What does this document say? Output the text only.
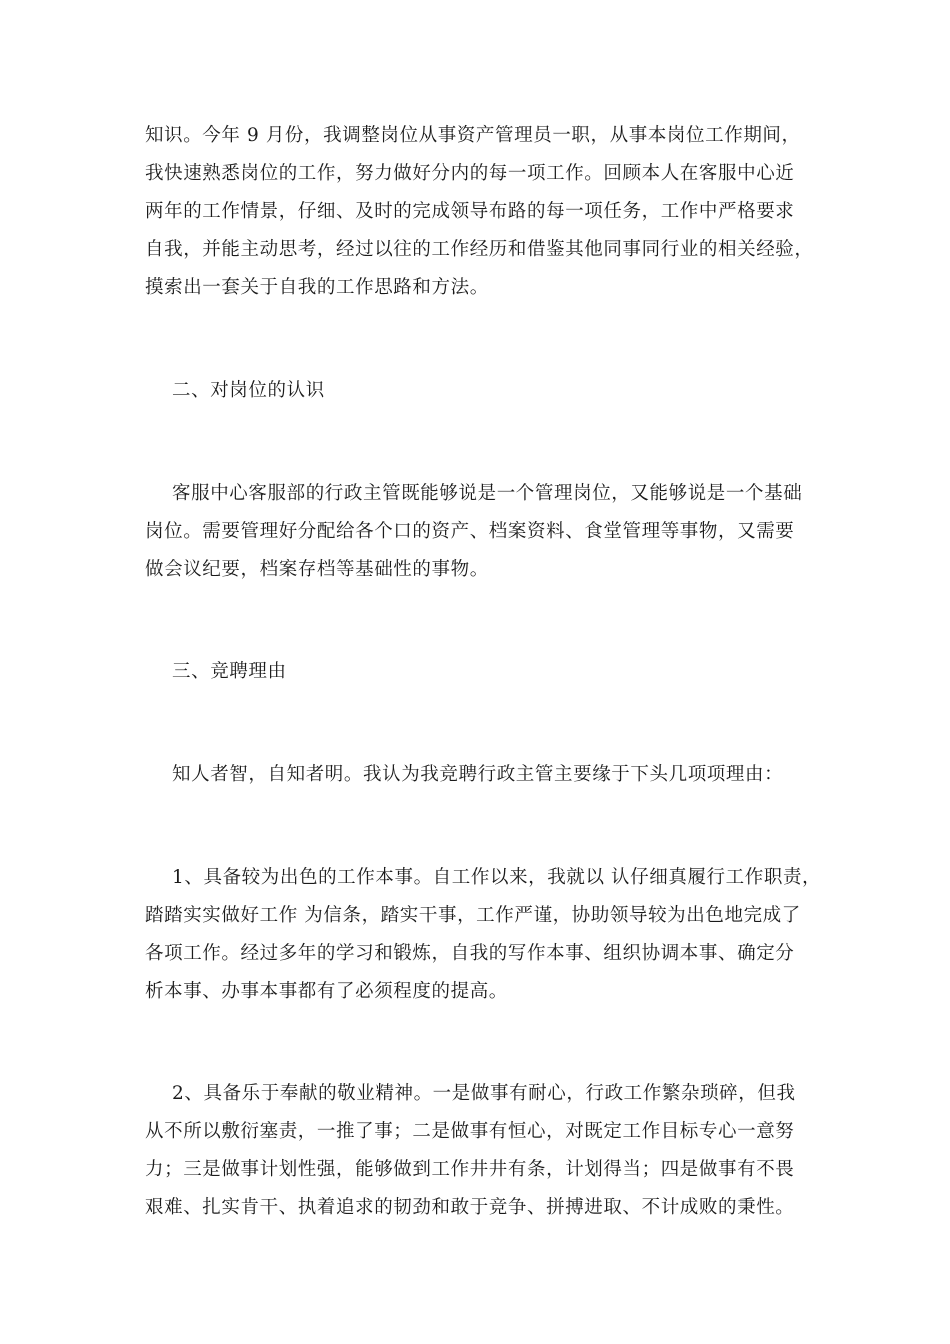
知识。今年 9 月份，我调整岗位从事资产管理员一职，从事本岗位工作期间，
我快速熟悉岗位的工作，努力做好分内的每一项工作。回顾本人在客服中心近
两年的工作情景，仔细、及时的完成领导布路的每一项任务，工作中严格要求
自我，并能主动思考，经过以往的工作经历和借鉴其他同事同行业的相关经验，
摸索出一套关于自我的工作思路和方法。
二、对岗位的认识
客服中心客服部的行政主管既能够说是一个管理岗位，又能够说是一个基础
岗位。需要管理好分配给各个口的资产、档案资料、食堂管理等事物，又需要
做会议纪要，档案存档等基础性的事物。
三、竞聘理由
知人者智，自知者明。我认为我竞聘行政主管主要缘于下头几项项理由：
1、具备较为出色的工作本事。自工作以来，我就以 认仔细真履行工作职责，
踏踏实实做好工作 为信条，踏实干事，工作严谨，协助领导较为出色地完成了
各项工作。经过多年的学习和锻炼，自我的写作本事、组织协调本事、确定分
析本事、办事本事都有了必须程度的提高。
2、具备乐于奉献的敬业精神。一是做事有耐心，行政工作繁杂琐碎，但我
从不所以敷衍塞责，一推了事；二是做事有恒心，对既定工作目标专心一意努
力；三是做事计划性强，能够做到工作井井有条，计划得当；四是做事有不畏
艰难、扎实肯干、执着追求的韧劲和敢于竞争、拼搏进取、不计成败的秉性。
